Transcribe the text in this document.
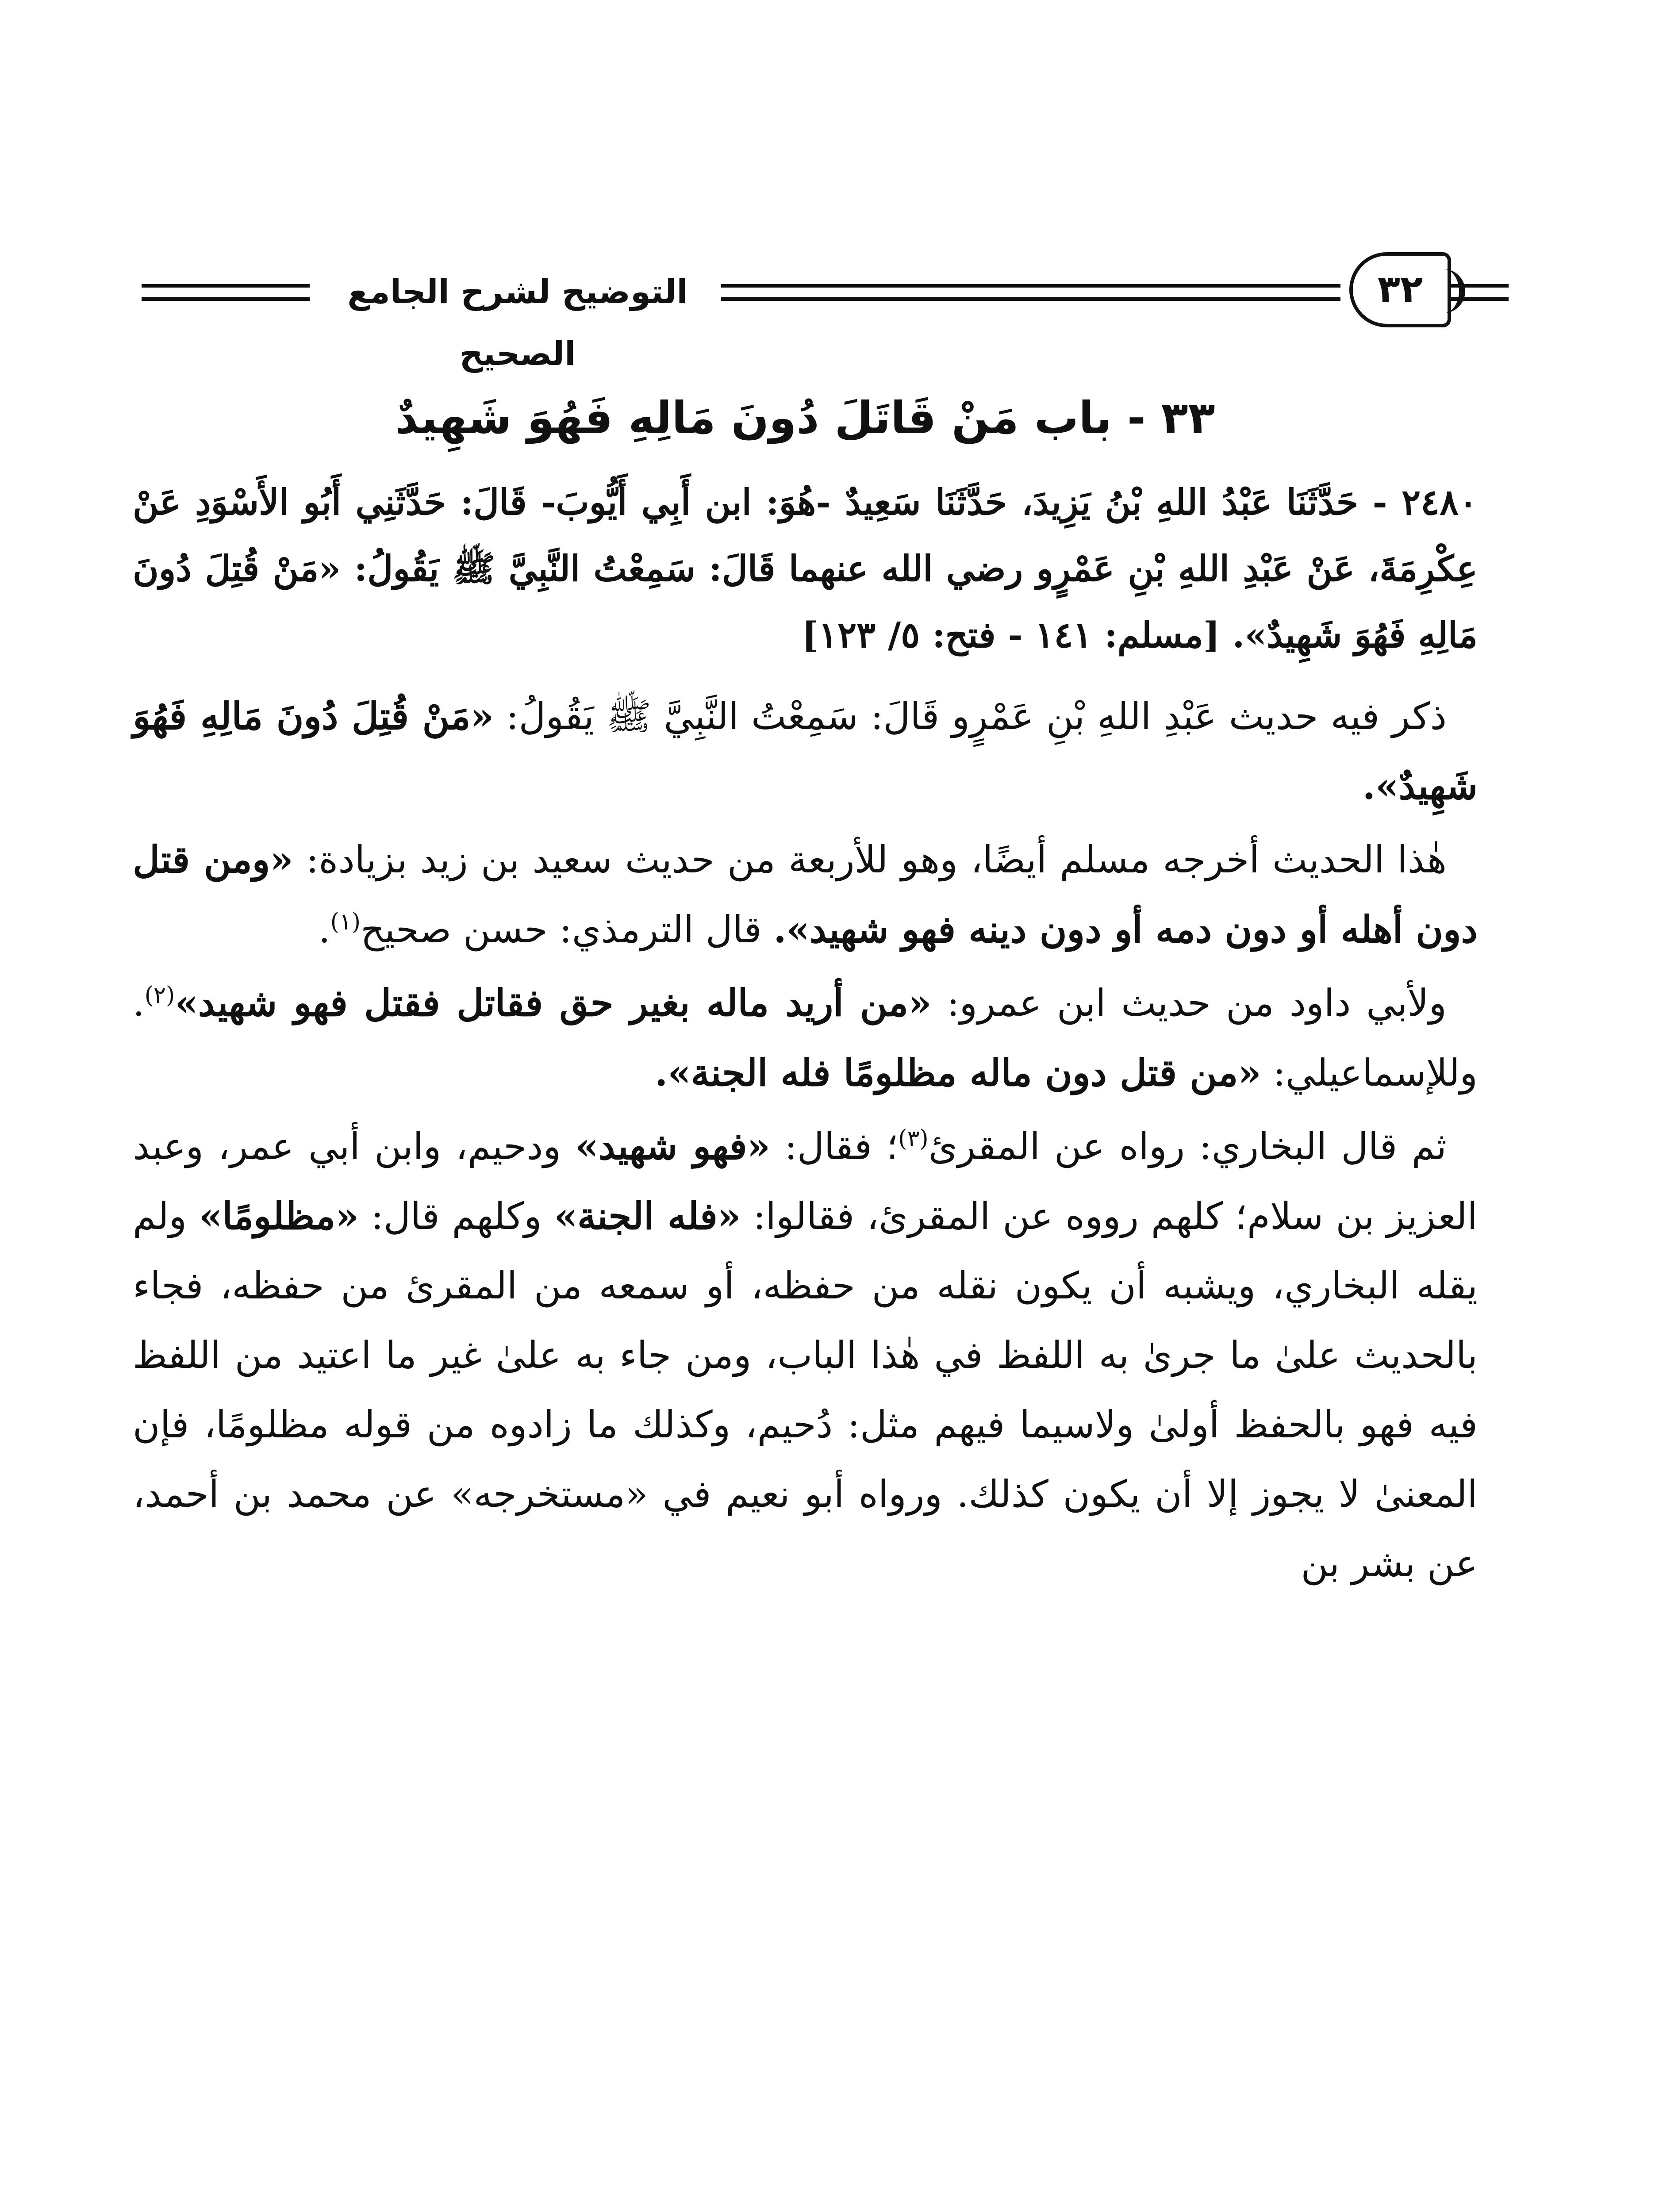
التوضيح لشرح الجامع الصحيح
٣٢
٣٣ - باب مَنْ قَاتَلَ دُونَ مَالِهِ فَهُوَ شَهِيدٌ
٢٤٨٠ - حَدَّثَنَا عَبْدُ اللهِ بْنُ يَزِيدَ، حَدَّثَنَا سَعِيدٌ -هُوَ: ابن أَبِي أَيُّوبَ- قَالَ: حَدَّثَنِي أَبُو الأَسْوَدِ عَنْ عِكْرِمَةَ، عَنْ عَبْدِ اللهِ بْنِ عَمْرٍو رضي الله عنهما قَالَ: سَمِعْتُ النَّبِيَّ ﷺ يَقُولُ: «مَنْ قُتِلَ دُونَ مَالِهِ فَهُوَ شَهِيدٌ». [مسلم: ١٤١ - فتح: ٥/ ١٢٣]

ذكر فيه حديث عَبْدِ اللهِ بْنِ عَمْرٍو قَالَ: سَمِعْتُ النَّبِيَّ ﷺ يَقُولُ: «مَنْ قُتِلَ دُونَ مَالِهِ فَهُوَ شَهِيدٌ».

هٰذا الحديث أخرجه مسلم أيضًا، وهو للأربعة من حديث سعيد بن زيد بزيادة: «ومن قتل دون أهله أو دون دمه أو دون دينه فهو شهيد». قال الترمذي: حسن صحيح$^{(١)}$.

ولأبي داود من حديث ابن عمرو: «من أريد ماله بغير حق فقاتل فقتل فهو شهيد»$^{(٢)}$. وللإسماعيلي: «من قتل دون ماله مظلومًا فله الجنة».

ثم قال البخاري: رواه عن المقرئ$^{(٣)}$؛ فقال: «فهو شهيد» ودحيم، وابن أبي عمر، وعبد العزيز بن سلام؛ كلهم رووه عن المقرئ، فقالوا: «فله الجنة» وكلهم قال: «مظلومًا» ولم يقله البخاري، ويشبه أن يكون نقله من حفظه، أو سمعه من المقرئ من حفظه، فجاء بالحديث علىٰ ما جرىٰ به اللفظ في هٰذا الباب، ومن جاء به علىٰ غير ما اعتيد من اللفظ فيه فهو بالحفظ أولىٰ ولاسيما فيهم مثل: دُحيم، وكذلك ما زادوه من قوله مظلومًا، فإن المعنىٰ لا يجوز إلا أن يكون كذلك. ورواه أبو نعيم في «مستخرجه» عن محمد بن أحمد، عن بشر بن
